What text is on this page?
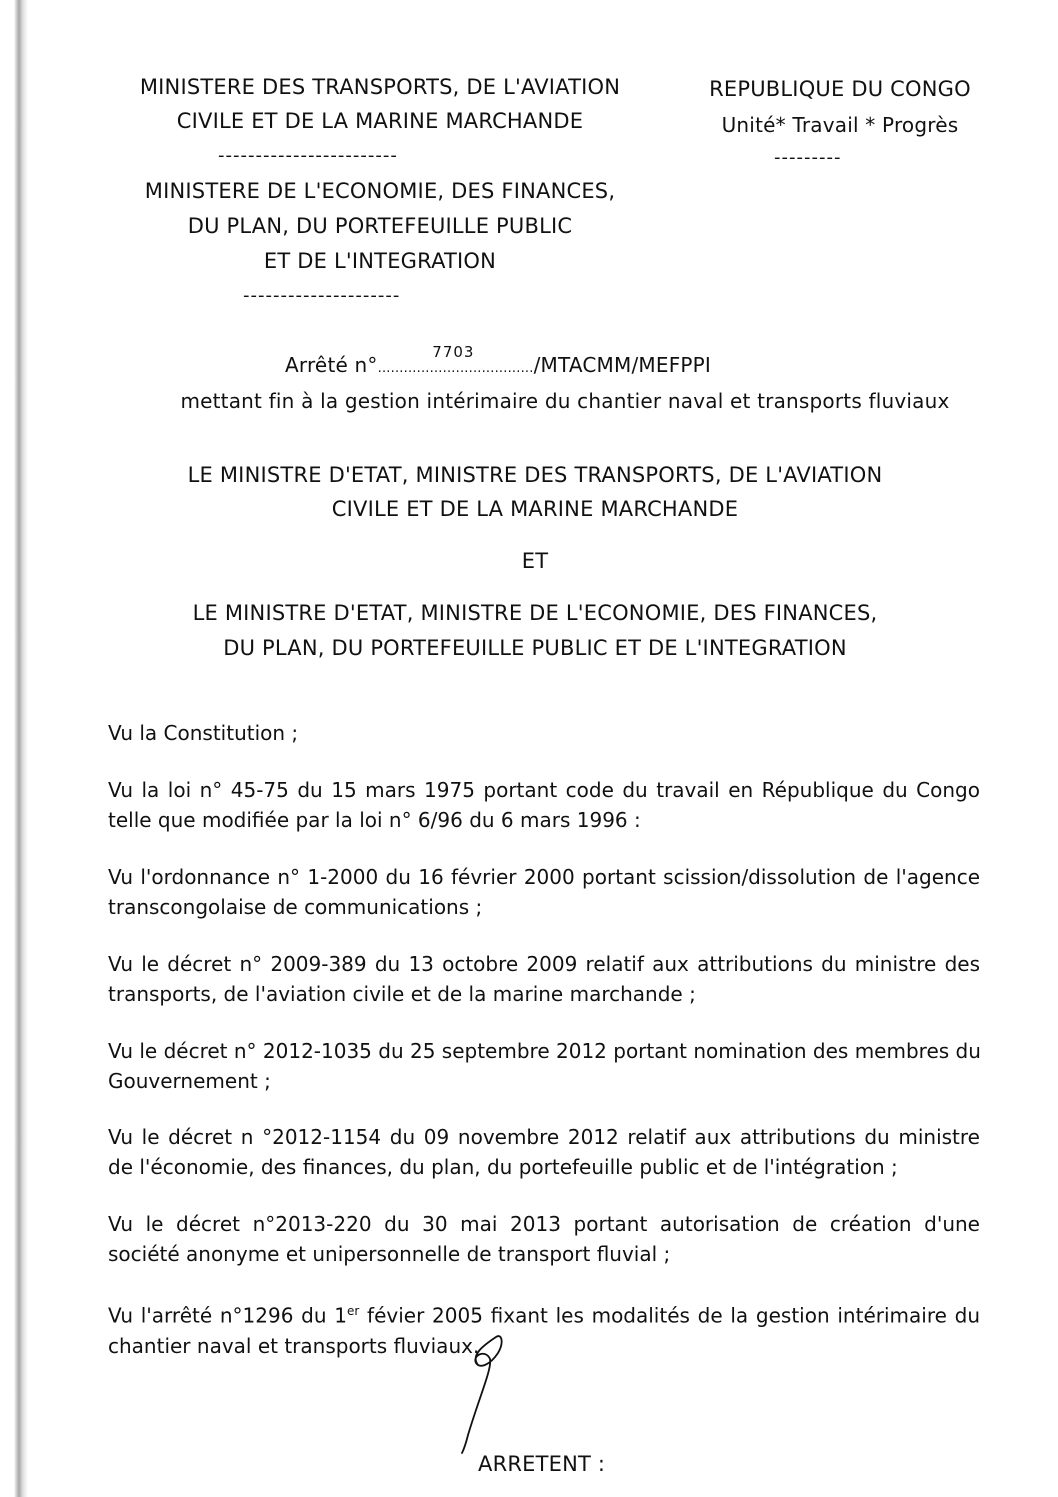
MINISTERE DES TRANSPORTS, DE L'AVIATION
CIVILE ET DE LA MARINE MARCHANDE
------------------------
MINISTERE DE L'ECONOMIE, DES FINANCES,
DU PLAN, DU PORTEFEUILLE PUBLIC
ET DE L'INTEGRATION
---------------------
REPUBLIQUE DU CONGO
Unité* Travail * Progrès
---------
Arrêté n°..............
7703
....................../MTACMM/MEFPPI
mettant fin à la gestion intérimaire du chantier naval et transports fluviaux
LE MINISTRE D'ETAT, MINISTRE DES TRANSPORTS, DE L'AVIATION
CIVILE ET DE LA MARINE MARCHANDE
ET
LE MINISTRE D'ETAT, MINISTRE DE L'ECONOMIE, DES FINANCES,
DU PLAN, DU PORTEFEUILLE PUBLIC ET DE L'INTEGRATION
Vu la Constitution ;
Vu la loi n° 45-75 du 15 mars 1975 portant code du travail en République du Congo
telle que modifiée par la loi n° 6/96 du 6 mars 1996 :
Vu l'ordonnance n° 1-2000 du 16 février 2000 portant scission/dissolution de l'agence
transcongolaise de communications ;
Vu le décret n° 2009-389 du 13 octobre 2009 relatif aux attributions du ministre des
transports, de l'aviation civile et de la marine marchande ;
Vu le décret n° 2012-1035 du 25 septembre 2012 portant nomination des membres du
Gouvernement ;
Vu le décret n °2012-1154 du 09 novembre 2012 relatif aux attributions du ministre
de l'économie, des finances, du plan, du portefeuille public et de l'intégration ;
Vu le décret n°2013-220 du 30 mai 2013 portant autorisation de création d'une
société anonyme et unipersonnelle de transport fluvial ;
Vu l'arrêté n°1296 du 1er févier 2005 fixant les modalités de la gestion intérimaire du
chantier naval et transports fluviaux.
ARRETENT :
